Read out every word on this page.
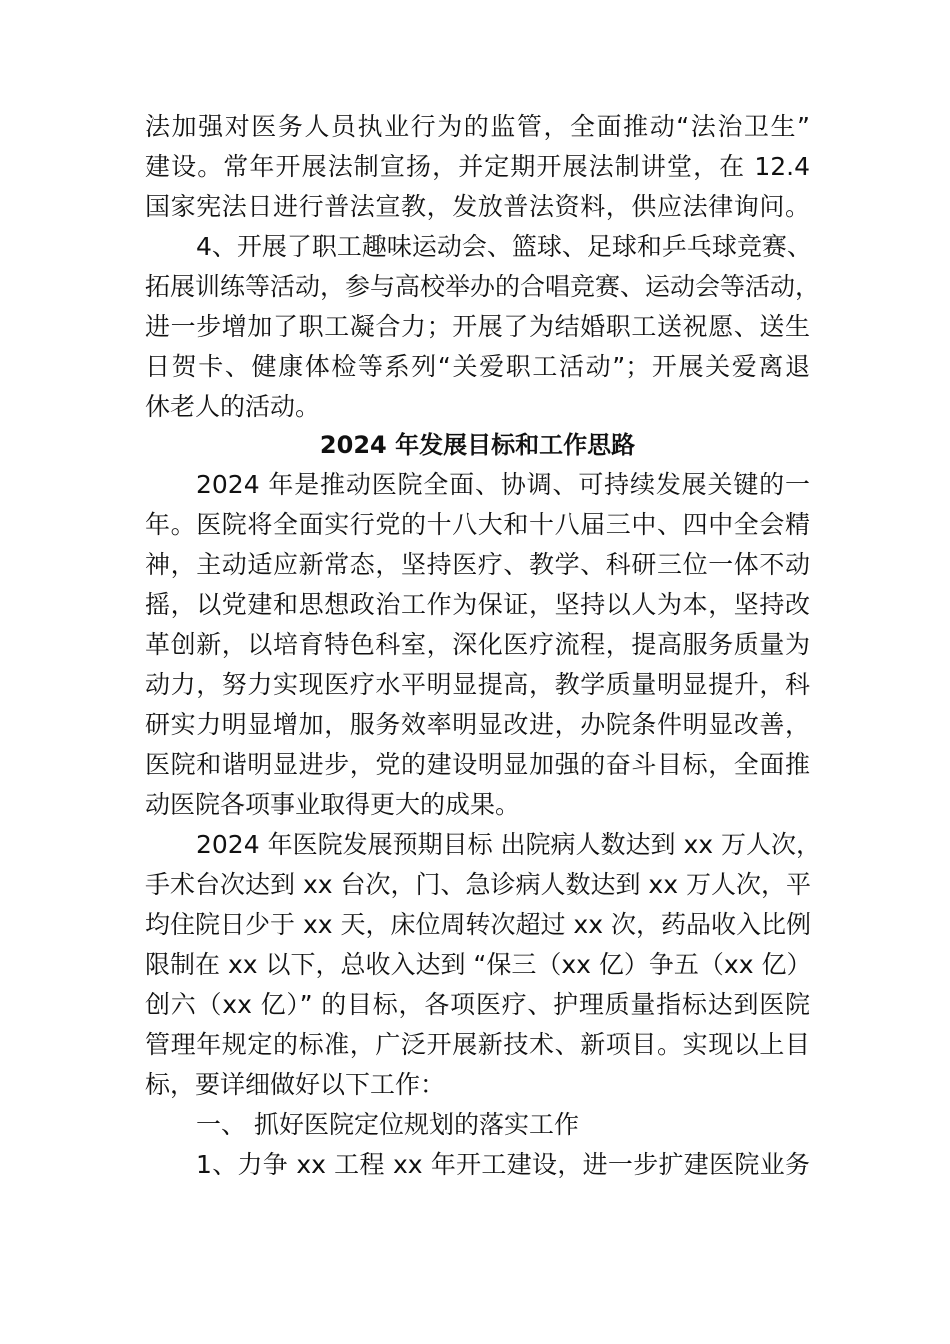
法加强对医务人员执业行为的监管，全面推动“法治卫生”
建设。常年开展法制宣扬，并定期开展法制讲堂，在 12.4
国家宪法日进行普法宣教，发放普法资料，供应法律询问。
4、开展了职工趣味运动会、篮球、足球和乒乓球竞赛、
拓展训练等活动，参与高校举办的合唱竞赛、运动会等活动，
进一步增加了职工凝合力；开展了为结婚职工送祝愿、送生
日贺卡、健康体检等系列“关爱职工活动”；开展关爱离退
休老人的活动。
2024 年发展目标和工作思路
2024 年是推动医院全面、协调、可持续发展关键的一
年。医院将全面实行党的十八大和十八届三中、四中全会精
神，主动适应新常态，坚持医疗、教学、科研三位一体不动
摇，以党建和思想政治工作为保证，坚持以人为本，坚持改
革创新，以培育特色科室，深化医疗流程，提高服务质量为
动力，努力实现医疗水平明显提高，教学质量明显提升，科
研实力明显增加，服务效率明显改进，办院条件明显改善，
医院和谐明显进步，党的建设明显加强的奋斗目标，全面推
动医院各项事业取得更大的成果。
2024 年医院发展预期目标 出院病人数达到 xx 万人次，
手术台次达到 xx 台次，门、急诊病人数达到 xx 万人次，平
均住院日少于 xx 天，床位周转次超过 xx 次，药品收入比例
限制在 xx 以下，总收入达到 “保三（xx 亿）争五（xx 亿）
创六（xx 亿）” 的目标，各项医疗、护理质量指标达到医院
管理年规定的标准，广泛开展新技术、新项目。实现以上目
标，要详细做好以下工作：
一、 抓好医院定位规划的落实工作
1、力争 xx 工程 xx 年开工建设，进一步扩建医院业务
